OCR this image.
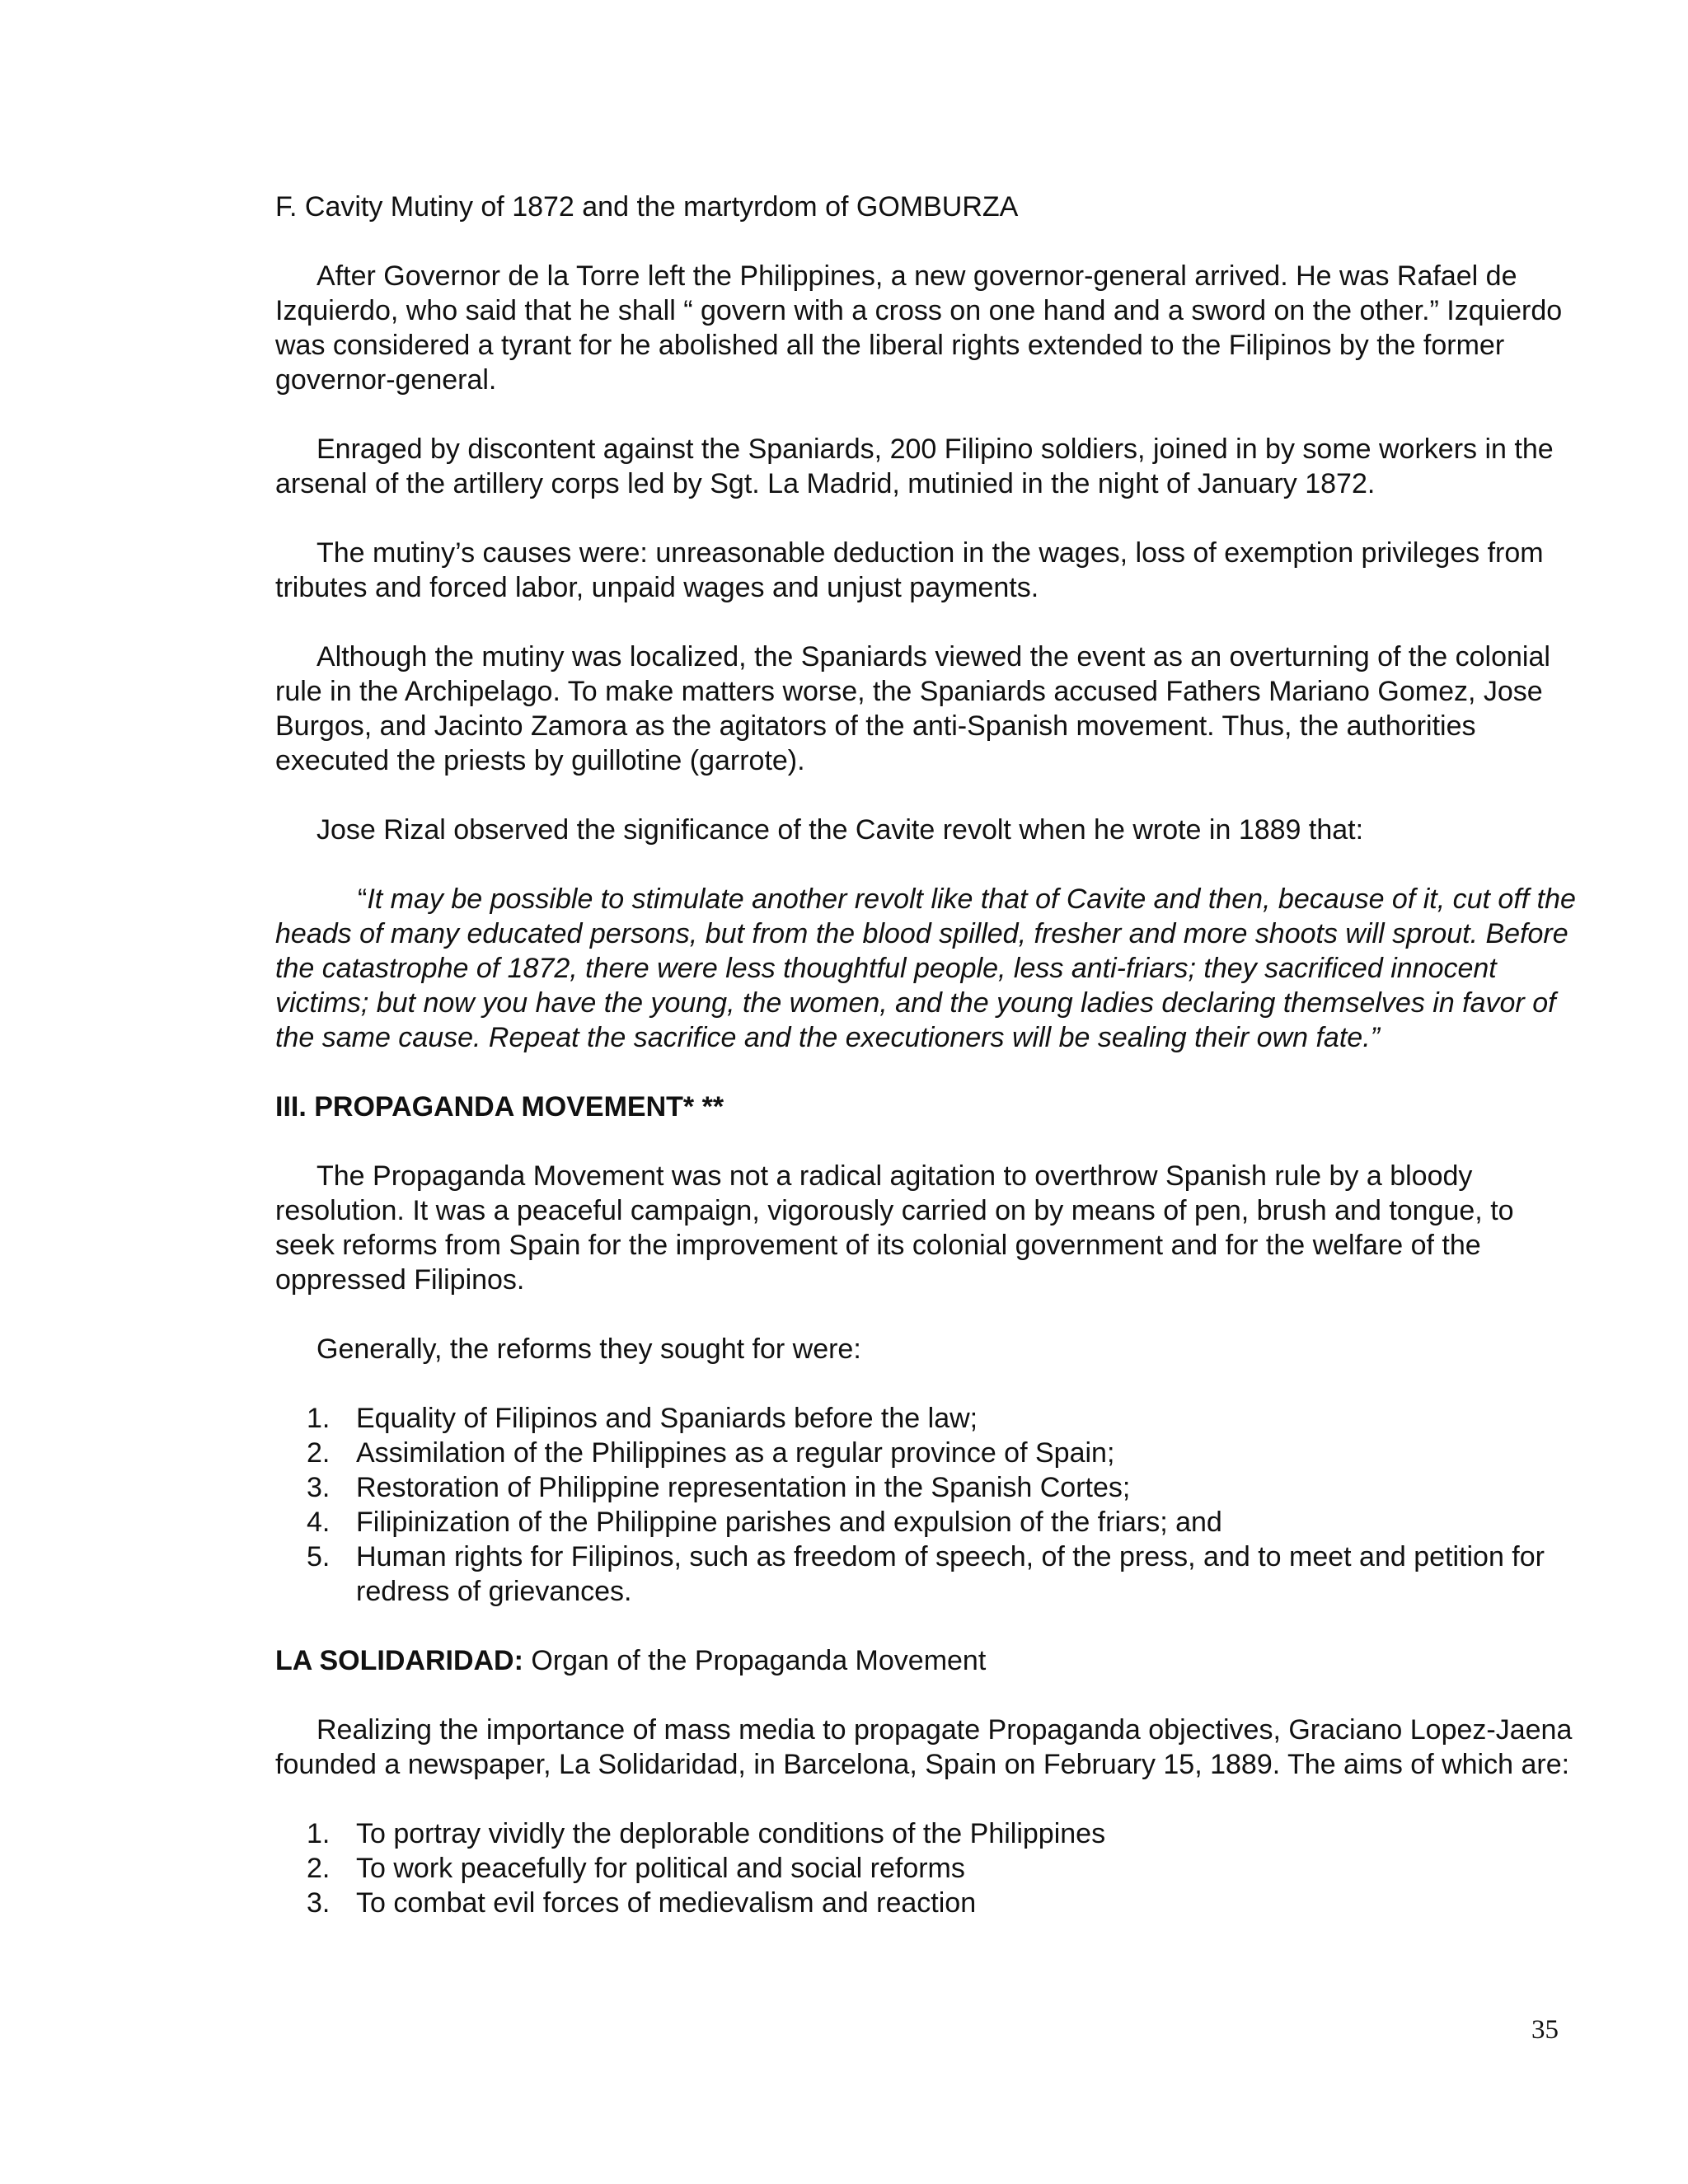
F. Cavity Mutiny of 1872 and the martyrdom of GOMBURZA

After Governor de la Torre left the Philippines, a new governor-general arrived. He was Rafael de Izquierdo, who said that he shall “ govern with a cross on one hand and a sword on the other.” Izquierdo was considered a tyrant for he abolished all the liberal rights extended to the Filipinos by the former governor-general.

Enraged by discontent against the Spaniards, 200 Filipino soldiers, joined in by some workers in the arsenal of the artillery corps led by Sgt. La Madrid, mutinied in the night of January 1872.

The mutiny’s causes were: unreasonable deduction in the wages, loss of exemption privileges from tributes and forced labor, unpaid wages and unjust payments.

Although the mutiny was localized, the Spaniards viewed the event as an overturning of the colonial rule in the Archipelago. To make matters worse, the Spaniards accused Fathers Mariano Gomez, Jose Burgos, and Jacinto Zamora as the agitators of the anti-Spanish movement. Thus, the authorities executed the priests by guillotine (garrote).

Jose Rizal observed the significance of the Cavite revolt when he wrote in 1889 that:

“It may be possible to stimulate another revolt like that of Cavite and then, because of it, cut off the heads of many educated persons, but from the blood spilled, fresher and more shoots will sprout. Before the catastrophe of 1872, there were less thoughtful people, less anti-friars; they sacrificed innocent victims; but now you have the young, the women, and the young ladies declaring themselves in favor of the same cause. Repeat the sacrifice and the executioners will be sealing their own fate.”

III. PROPAGANDA MOVEMENT* **

The Propaganda Movement was not a radical agitation to overthrow Spanish rule by a bloody resolution. It was a peaceful campaign, vigorously carried on by means of pen, brush and tongue, to seek reforms from Spain for the improvement of its colonial government and for the welfare of the oppressed Filipinos.

Generally, the reforms they sought for were:

1. Equality of Filipinos and Spaniards before the law;
2. Assimilation of the Philippines as a regular province of Spain;
3. Restoration of Philippine representation in the Spanish Cortes;
4. Filipinization of the Philippine parishes and expulsion of the friars; and
5. Human rights for Filipinos, such as freedom of speech, of the press, and to meet and petition for redress of grievances.

LA SOLIDARIDAD: Organ of the Propaganda Movement

Realizing the importance of mass media to propagate Propaganda objectives, Graciano Lopez-Jaena founded a newspaper, La Solidaridad, in Barcelona, Spain on February 15, 1889. The aims of which are:

1. To portray vividly the deplorable conditions of the Philippines
2. To work peacefully for political and social reforms
3. To combat evil forces of medievalism and reaction
35
